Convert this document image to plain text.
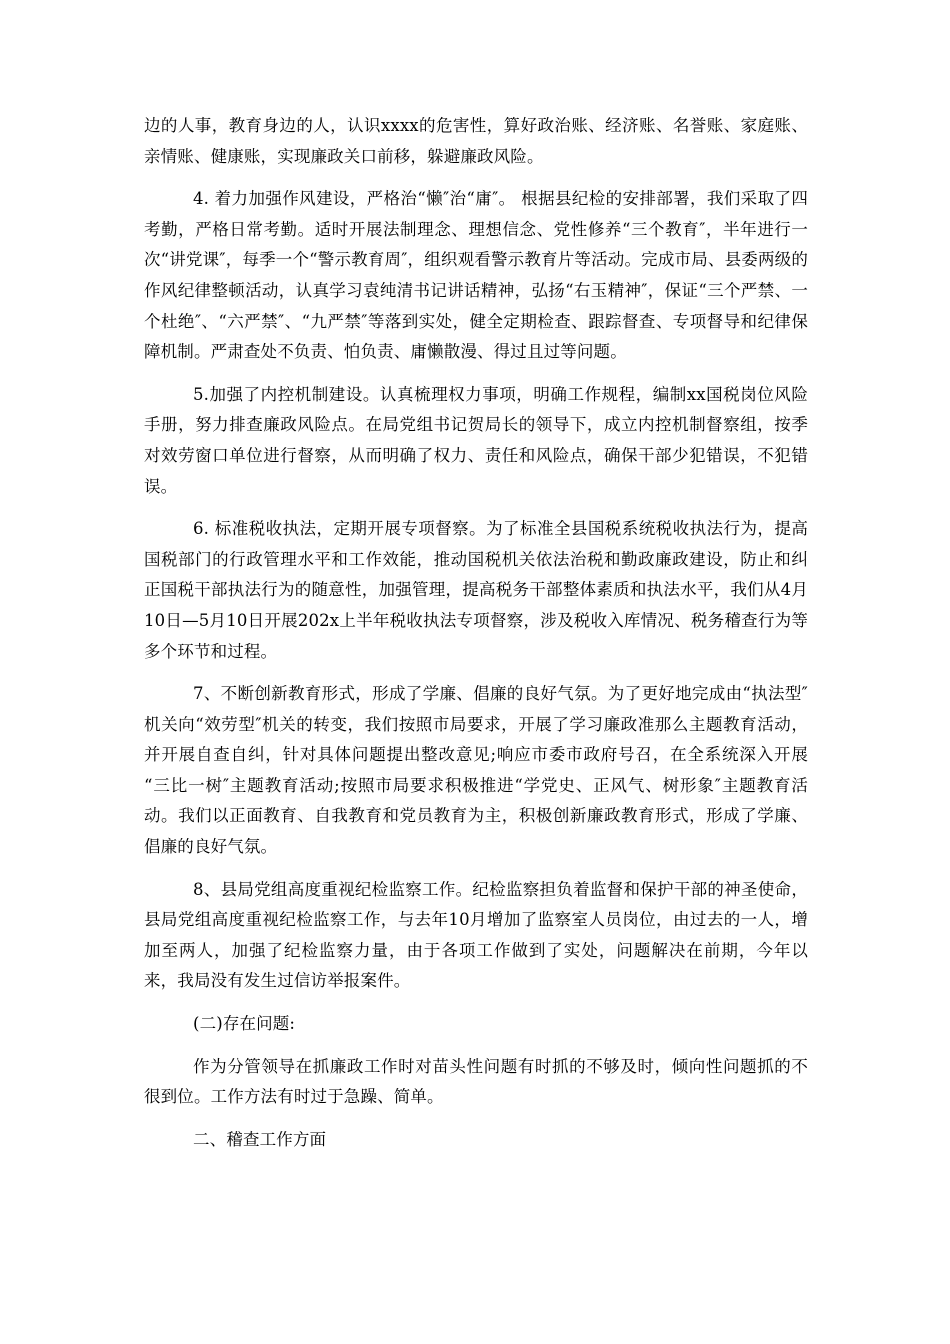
边的人事，教育身边的人，认识xxxx的危害性，算好政治账、经济账、名誉账、家庭账、亲情账、健康账，实现廉政关口前移，躲避廉政风险。

4. 着力加强作风建设，严格治“懒″治“庸″。 根据县纪检的安排部署，我们采取了四考勤，严格日常考勤。适时开展法制理念、理想信念、党性修养“三个教育″，半年进行一次“讲党课″，每季一个“警示教育周″，组织观看警示教育片等活动。完成市局、县委两级的作风纪律整顿活动，认真学习袁纯清书记讲话精神，弘扬“右玉精神″，保证“三个严禁、一个杜绝″、“六严禁″、“九严禁″等落到实处，健全定期检查、跟踪督查、专项督导和纪律保障机制。严肃查处不负责、怕负责、庸懒散漫、得过且过等问题。

5.加强了内控机制建设。认真梳理权力事项，明确工作规程，编制xx国税岗位风险手册，努力排查廉政风险点。在局党组书记贺局长的领导下，成立内控机制督察组，按季对效劳窗口单位进行督察，从而明确了权力、责任和风险点，确保干部少犯错误，不犯错误。

6. 标准税收执法，定期开展专项督察。为了标准全县国税系统税收执法行为，提高国税部门的行政管理水平和工作效能，推动国税机关依法治税和勤政廉政建设，防止和纠正国税干部执法行为的随意性，加强管理，提高税务干部整体素质和执法水平，我们从4月10日—5月10日开展202x上半年税收执法专项督察，涉及税收入库情况、税务稽查行为等多个环节和过程。

7、不断创新教育形式，形成了学廉、倡廉的良好气氛。为了更好地完成由“执法型″机关向“效劳型″机关的转变，我们按照市局要求，开展了学习廉政准那么主题教育活动，并开展自查自纠，针对具体问题提出整改意见;响应市委市政府号召，在全系统深入开展 “三比一树″主题教育活动;按照市局要求积极推进“学党史、正风气、树形象″主题教育活动。我们以正面教育、自我教育和党员教育为主，积极创新廉政教育形式，形成了学廉、倡廉的良好气氛。

8、县局党组高度重视纪检监察工作。纪检监察担负着监督和保护干部的神圣使命，县局党组高度重视纪检监察工作，与去年10月增加了监察室人员岗位，由过去的一人，增加至两人，加强了纪检监察力量，由于各项工作做到了实处，问题解决在前期，今年以来，我局没有发生过信访举报案件。

(二)存在问题:

作为分管领导在抓廉政工作时对苗头性问题有时抓的不够及时，倾向性问题抓的不很到位。工作方法有时过于急躁、简单。

二、稽查工作方面
